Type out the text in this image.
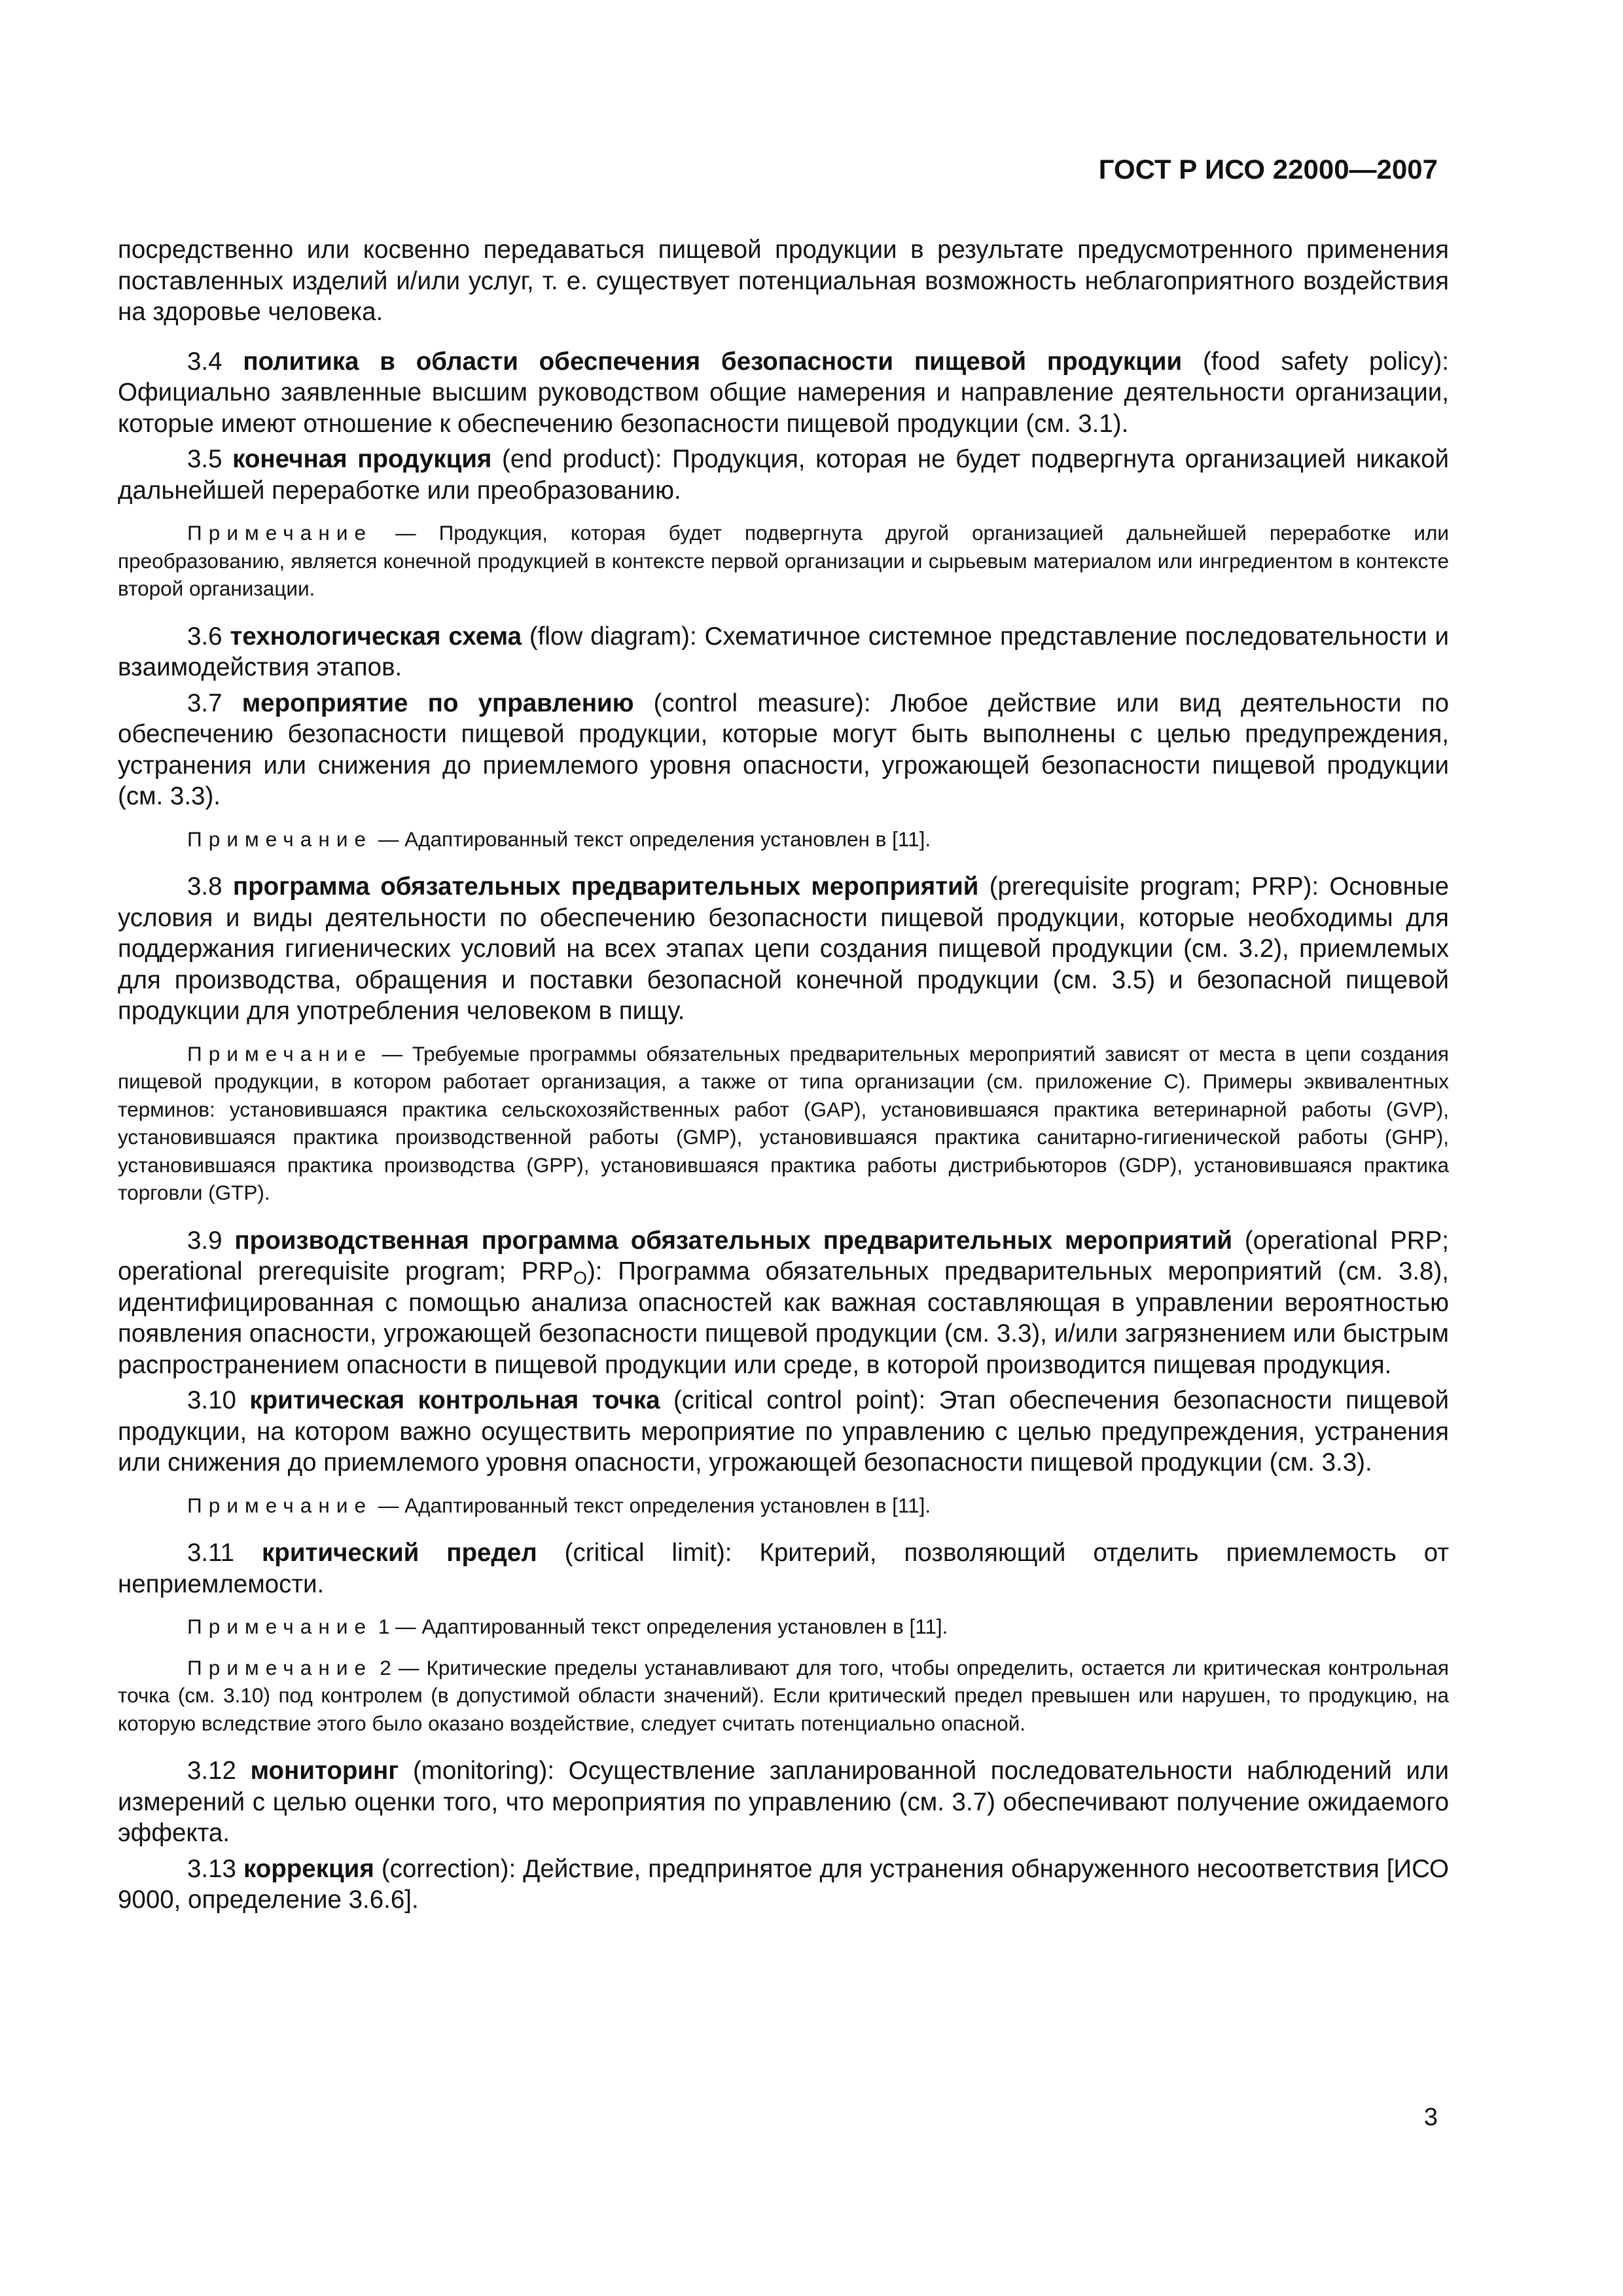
ГОСТ Р ИСО 22000—2007

посредственно или косвенно передаваться пищевой продукции в результате предусмотренного применения поставленных изделий и/или услуг, т. е. существует потенциальная возможность неблагоприятного воздействия на здоровье человека.

3.4 политика в области обеспечения безопасности пищевой продукции (food safety policy): Официально заявленные высшим руководством общие намерения и направление деятельности организации, которые имеют отношение к обеспечению безопасности пищевой продукции (см. 3.1).

3.5 конечная продукция (end product): Продукция, которая не будет подвергнута организацией никакой дальнейшей переработке или преобразованию.

Примечание — Продукция, которая будет подвергнута другой организацией дальнейшей переработке или преобразованию, является конечной продукцией в контексте первой организации и сырьевым материалом или ингредиентом в контексте второй организации.

3.6 технологическая схема (flow diagram): Схематичное системное представление последовательности и взаимодействия этапов.

3.7 мероприятие по управлению (control measure): Любое действие или вид деятельности по обеспечению безопасности пищевой продукции, которые могут быть выполнены с целью предупреждения, устранения или снижения до приемлемого уровня опасности, угрожающей безопасности пищевой продукции (см. 3.3).

Примечание — Адаптированный текст определения установлен в [11].

3.8 программа обязательных предварительных мероприятий (prerequisite program; PRP): Основные условия и виды деятельности по обеспечению безопасности пищевой продукции, которые необходимы для поддержания гигиенических условий на всех этапах цепи создания пищевой продукции (см. 3.2), приемлемых для производства, обращения и поставки безопасной конечной продукции (см. 3.5) и безопасной пищевой продукции для употребления человеком в пищу.

Примечание — Требуемые программы обязательных предварительных мероприятий зависят от места в цепи создания пищевой продукции, в котором работает организация, а также от типа организации (см. приложение С). Примеры эквивалентных терминов: установившаяся практика сельскохозяйственных работ (GAP), установившаяся практика ветеринарной работы (GVP), установившаяся практика производственной работы (GMP), установившаяся практика санитарно-гигиенической работы (GHP), установившаяся практика производства (GPP), установившаяся практика работы дистрибьюторов (GDP), установившаяся практика торговли (GTP).

3.9 производственная программа обязательных предварительных мероприятий (operational PRP; operational prerequisite program; $PRP_O$): Программа обязательных предварительных мероприятий (см. 3.8), идентифицированная с помощью анализа опасностей как важная составляющая в управлении вероятностью появления опасности, угрожающей безопасности пищевой продукции (см. 3.3), и/или загрязнением или быстрым распространением опасности в пищевой продукции или среде, в которой производится пищевая продукция.

3.10 критическая контрольная точка (critical control point): Этап обеспечения безопасности пищевой продукции, на котором важно осуществить мероприятие по управлению с целью предупреждения, устранения или снижения до приемлемого уровня опасности, угрожающей безопасности пищевой продукции (см. 3.3).

Примечание — Адаптированный текст определения установлен в [11].

3.11 критический предел (critical limit): Критерий, позволяющий отделить приемлемость от неприемлемости.

Примечание 1 — Адаптированный текст определения установлен в [11].

Примечание 2 — Критические пределы устанавливают для того, чтобы определить, остается ли критическая контрольная точка (см. 3.10) под контролем (в допустимой области значений). Если критический предел превышен или нарушен, то продукцию, на которую вследствие этого было оказано воздействие, следует считать потенциально опасной.

3.12 мониторинг (monitoring): Осуществление запланированной последовательности наблюдений или измерений с целью оценки того, что мероприятия по управлению (см. 3.7) обеспечивают получение ожидаемого эффекта.

3.13 коррекция (correction): Действие, предпринятое для устранения обнаруженного несоответствия [ИСО 9000, определение 3.6.6].

3
